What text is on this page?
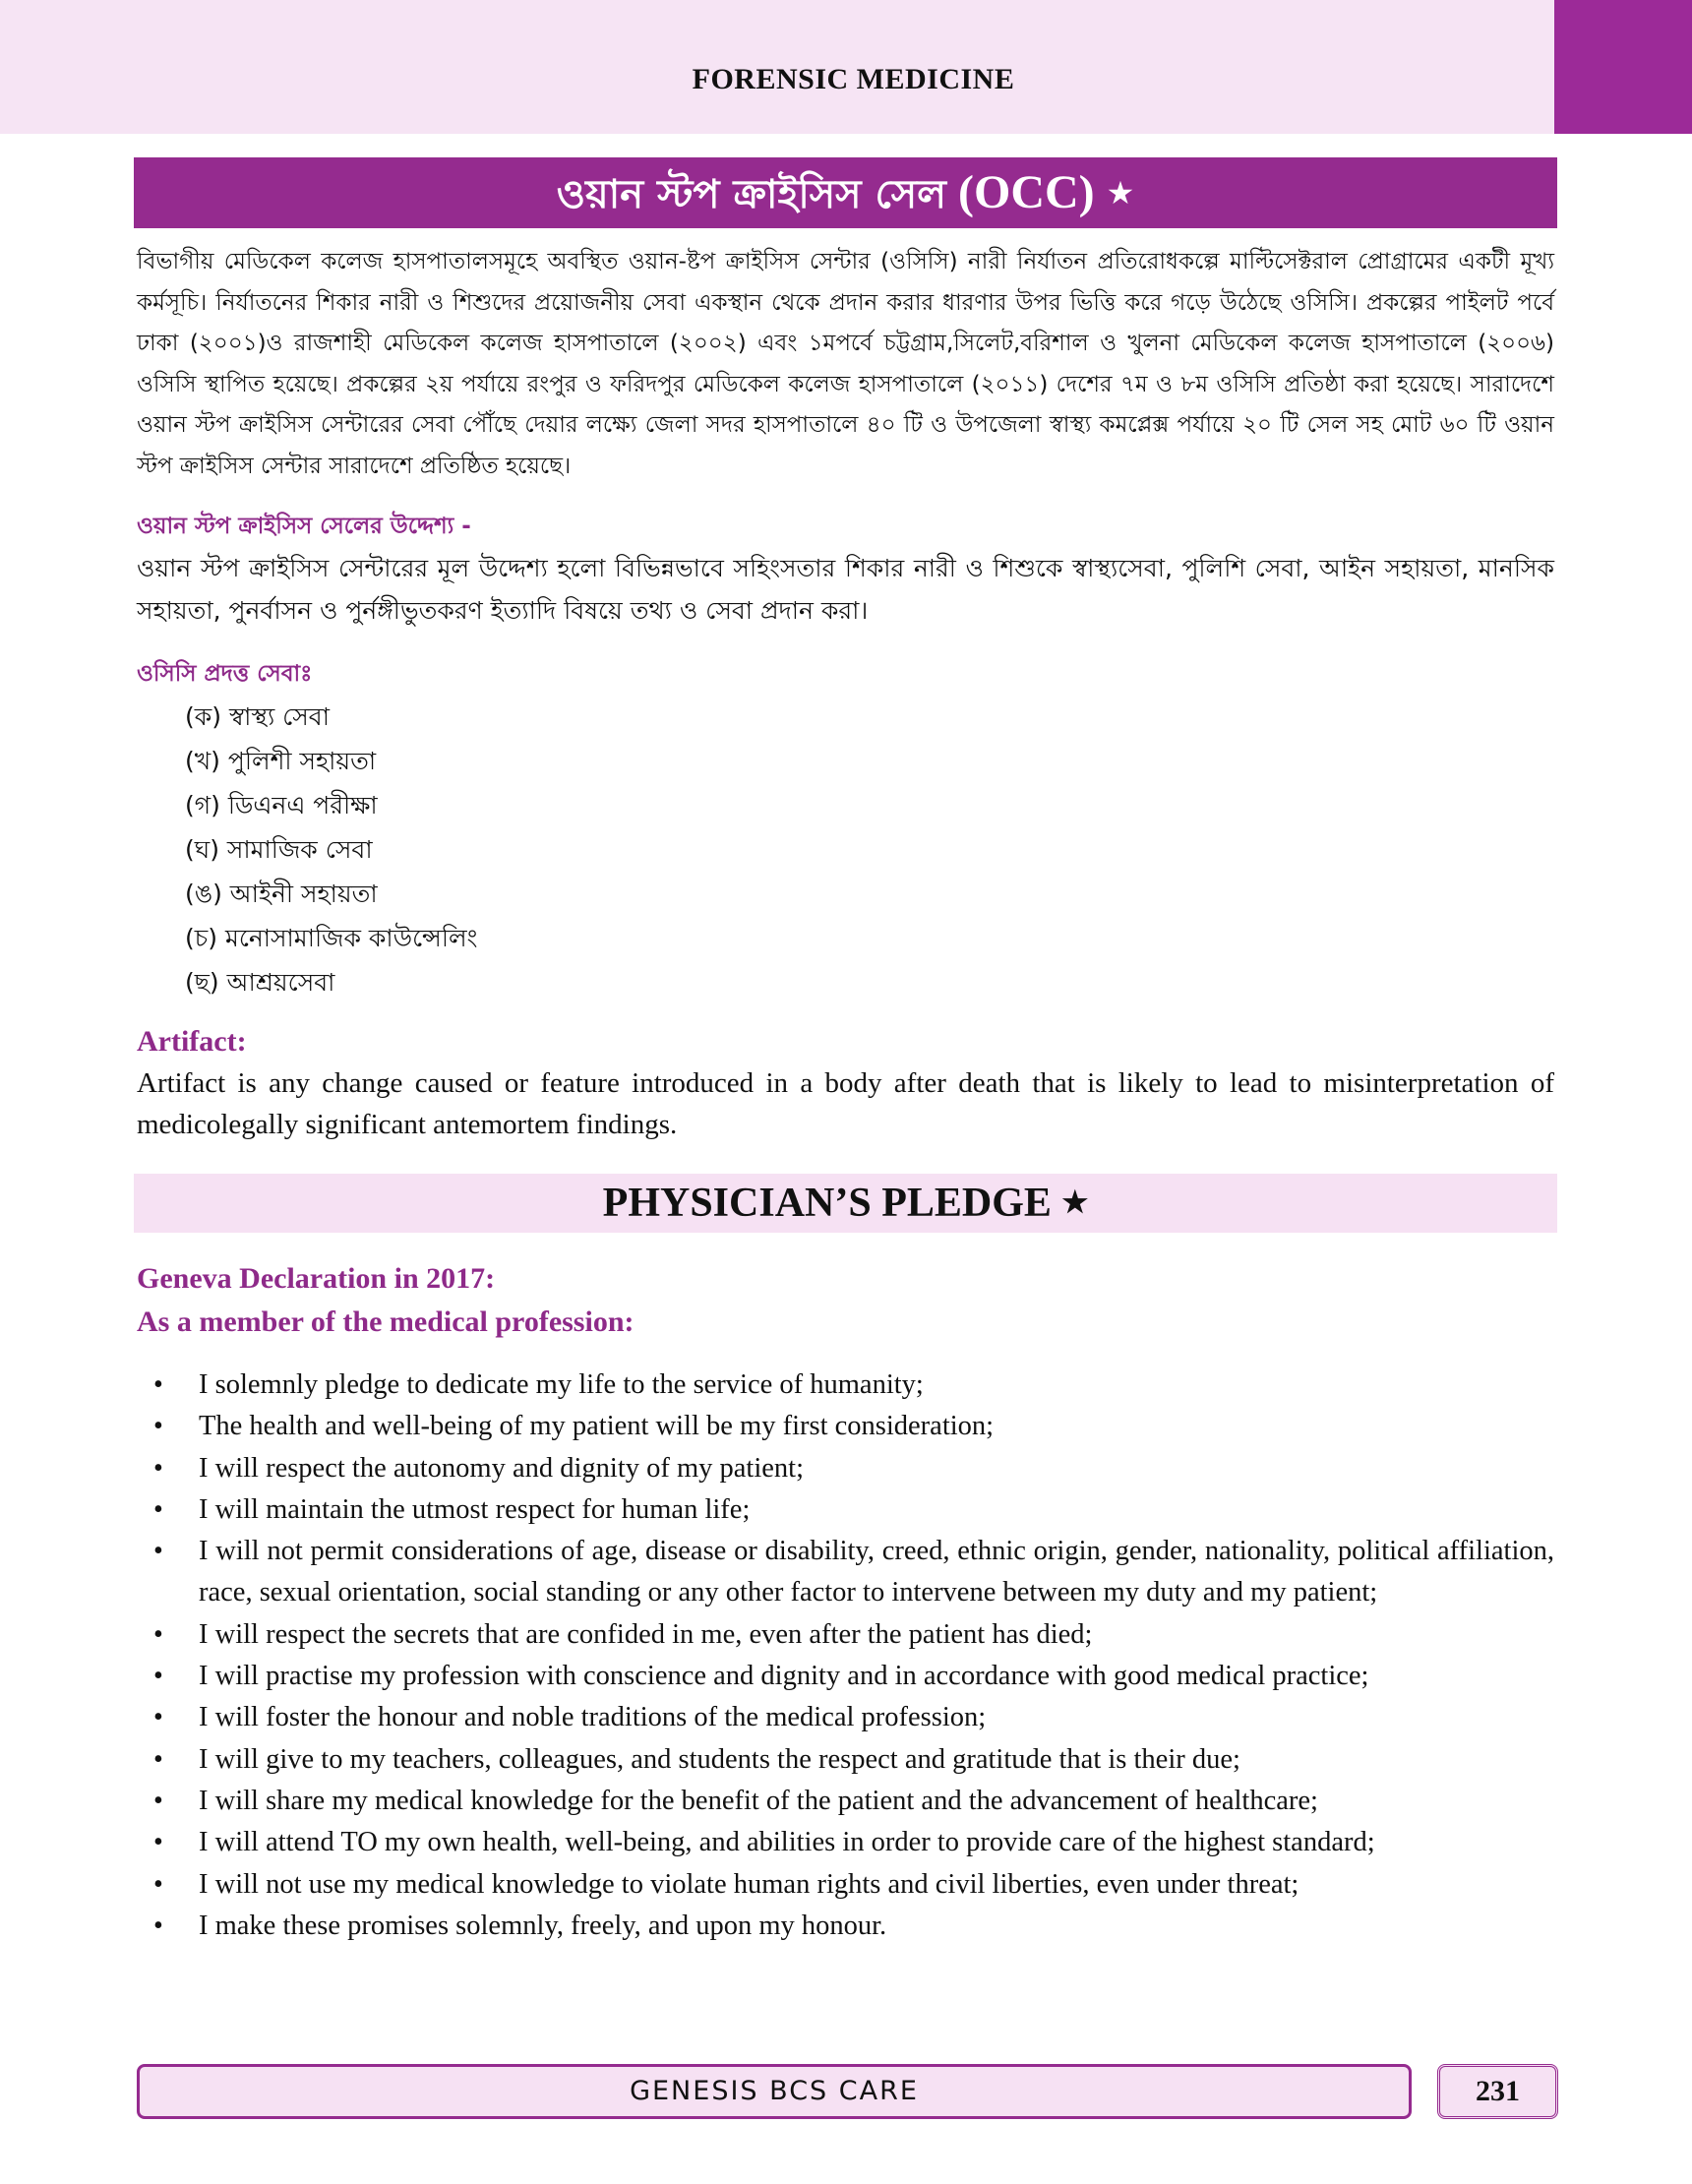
FORENSIC MEDICINE
ওয়ান স্টপ ক্রাইসিস সেল (OCC) ★
বিভাগীয় মেডিকেল কলেজ হাসপাতালসমূহে অবস্থিত ওয়ান-ষ্টপ ক্রাইসিস সেন্টার (ওসিসি) নারী নির্যাতন প্রতিরোধকল্পে মাল্টিসেক্টরাল প্রোগ্রামের একটী মূখ্য কর্মসূচি। নির্যাতনের শিকার নারী ও শিশুদের প্রয়োজনীয় সেবা একস্থান থেকে প্রদান করার ধারণার উপর ভিত্তি করে গড়ে উঠেছে ওসিসি। প্রকল্পের পাইলট পর্বে ঢাকা (২০০১)ও রাজশাহী মেডিকেল কলেজ হাসপাতালে (২০০২) এবং ১মপর্বে চট্টগ্রাম,সিলেট,বরিশাল ও খুলনা মেডিকেল কলেজ হাসপাতালে (২০০৬) ওসিসি স্থাপিত হয়েছে। প্রকল্পের ২য় পর্যায়ে রংপুর ও ফরিদপুর মেডিকেল কলেজ হাসপাতালে (২০১১) দেশের ৭ম ও ৮ম ওসিসি প্রতিষ্ঠা করা হয়েছে। সারাদেশে ওয়ান স্টপ ক্রাইসিস সেন্টারের সেবা পৌঁছে দেয়ার লক্ষ্যে জেলা সদর হাসপাতালে ৪০ টি ও উপজেলা স্বাস্থ্য কমপ্লেক্স পর্যায়ে ২০ টি সেল সহ মোট ৬০ টি ওয়ান স্টপ ক্রাইসিস সেন্টার সারাদেশে প্রতিষ্ঠিত হয়েছে।
ওয়ান স্টপ ক্রাইসিস সেলের উদ্দেশ্য -
ওয়ান স্টপ ক্রাইসিস সেন্টারের মূল উদ্দেশ্য হলো বিভিন্নভাবে সহিংসতার শিকার নারী ও শিশুকে স্বাস্থ্যসেবা, পুলিশি সেবা, আইন সহায়তা, মানসিক সহায়তা, পুনর্বাসন ও পুর্নঙ্গীভুতকরণ ইত্যাদি বিষয়ে তথ্য ও সেবা প্রদান করা।
ওসিসি প্রদত্ত সেবাঃ
(ক) স্বাস্থ্য সেবা
(খ) পুলিশী সহায়তা
(গ) ডিএনএ পরীক্ষা
(ঘ) সামাজিক সেবা
(ঙ) আইনী সহায়তা
(চ) মনোসামাজিক কাউন্সেলিং
(ছ) আশ্রয়সেবা
Artifact:
Artifact is any change caused or feature introduced in a body after death that is likely to lead to misinterpretation of medicolegally significant antemortem findings.
PHYSICIAN’S PLEDGE ★
Geneva Declaration in 2017:
As a member of the medical profession:
• I solemnly pledge to dedicate my life to the service of humanity;
• The health and well-being of my patient will be my first consideration;
• I will respect the autonomy and dignity of my patient;
• I will maintain the utmost respect for human life;
• I will not permit considerations of age, disease or disability, creed, ethnic origin, gender, nationality, political affiliation, race, sexual orientation, social standing or any other factor to intervene between my duty and my patient;
• I will respect the secrets that are confided in me, even after the patient has died;
• I will practise my profession with conscience and dignity and in accordance with good medical practice;
• I will foster the honour and noble traditions of the medical profession;
• I will give to my teachers, colleagues, and students the respect and gratitude that is their due;
• I will share my medical knowledge for the benefit of the patient and the advancement of healthcare;
• I will attend TO my own health, well-being, and abilities in order to provide care of the highest standard;
• I will not use my medical knowledge to violate human rights and civil liberties, even under threat;
• I make these promises solemnly, freely, and upon my honour.
GENESIS BCS CARE	231
